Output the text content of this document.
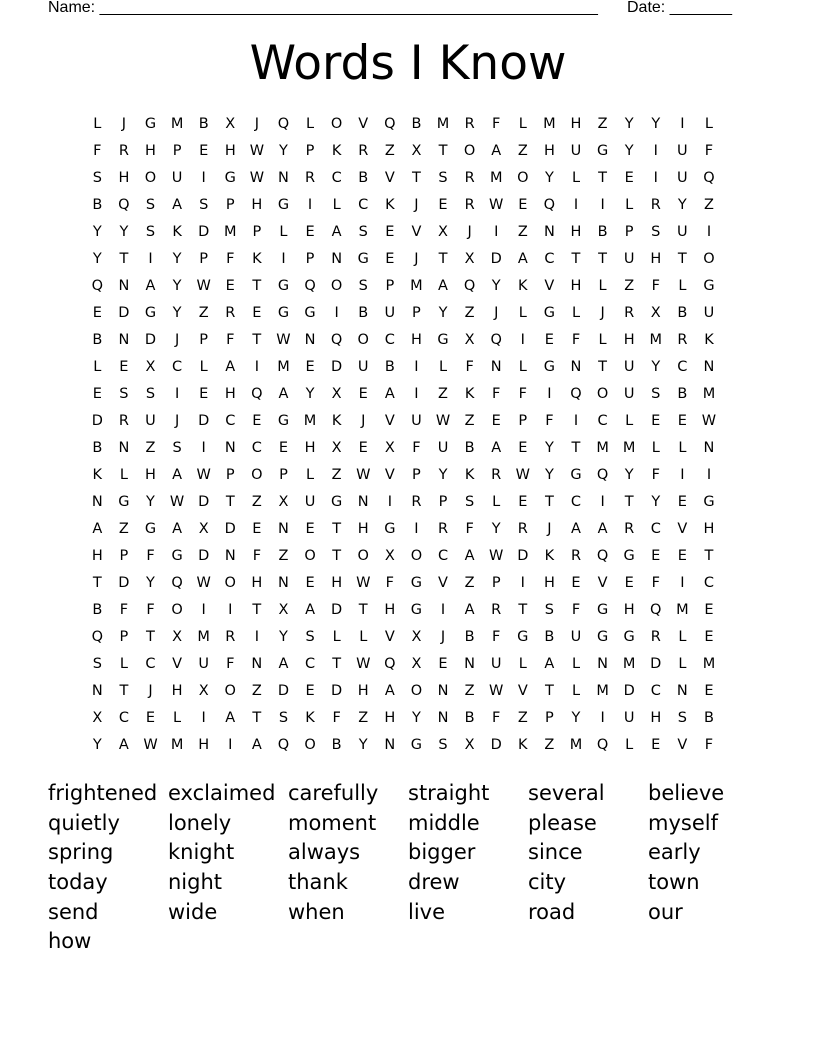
Name: ________________________________________________________ Date: _______
Words I Know
L	J	G	M	B	X	J	Q	L	O	V	Q	B	M	R	F	L	M	H	Z	Y	Y	I	L
F	R	H	P	E	H W	Y	P	K	R	Z	X	T	O	A	Z	H	U	G	Y	I	U	F
S	H	O	U	I	G W N	R	C	B	V	T	S	R	M	O	Y	L	T	E	I	U	Q
B	Q	S	A	S	P	H	G	I	L	C	K	J	E	R W	E	Q	I	I	L	R	Y	Z
Y	Y	S	K	D	M	P	L	E	A	S	E	V	X	J	I	Z	N	H	B	P	S	U	I
Y	T	I	Y	P	F	K	I	P	N	G	E	J	T	X	D	A	C	T	T	U	H	T	O
Q	N	A	Y	W	E	T	G	Q	O	S	P	M	A	Q	Y	K	V	H	L	Z	F	L	G
E	D	G	Y	Z	R	E	G	G	I	B	U	P	Y	Z	J	L	G	L	J	R	X	B	U
B	N	D	J	P	F	T	W N	Q	O	C	H	G	X	Q	I	E	F	L	H	M	R	K
L	E	X	C	L	A	I	M	E	D	U	B	I	L	F	N	L	G	N	T	U	Y	C	N
E	S	S	I	E	H	Q	A	Y	X	E	A	I	Z	K	F	F	I	Q	O	U	S	B	M
D	R	U	J	D	C	E	G	M	K	J	V	U W Z	E	P	F	I	C	L	E	E	W
B	N	Z	S	I	N	C	E	H	X	E	X	F	U	B	A	E	Y	T	M M	L	L	N
K	L	H	A W	P	O	P	L	Z W V	P	Y	K	R W	Y	G	Q	Y	F	I	I
N	G	Y	W D	T	Z	X	U	G	N	I	R	P	S	L	E	T	C	I	T	Y	E	G
A	Z	G	A	X	D	E	N	E	T	H	G	I	R	F	Y	R	J	A	A	R	C	V	H
H	P	F	G	D	N	F	Z	O	T	O	X	O	C	A W D	K	R	Q	G	E	E	T
T	D	Y	Q W O	H	N	E	H W	F	G	V	Z	P	I	H	E	V	E	F	I	C
B	F	F	O	I	I	T	X	A	D	T	H	G	I	A	R	T	S	F	G	H	Q	M	E
Q	P	T	X	M	R	I	Y	S	L	L	V	X	J	B	F	G	B	U	G	G	R	L	E
S	L	C	V	U	F	N	A	C	T	W Q	X	E	N	U	L	A	L	N	M	D	L	M
N	T	J	H	X	O	Z	D	E	D	H	A	O	N	Z W V	T	L	M	D	C	N	E
X	C	E	L	I	A	T	S	K	F	Z	H	Y	N	B	F	Z	P	Y	I	U	H	S	B
Y	A W M	H	I	A	Q	O	B	Y	N	G	S	X	D	K	Z	M	Q	L	E	V	F
frightened exclaimed carefully	straight	several	believe
quietly	lonely	moment	middle	please	myself
spring	knight	always	bigger	since	early
today	night	thank	drew	city	town
send	wide	when	live	road	our
how
